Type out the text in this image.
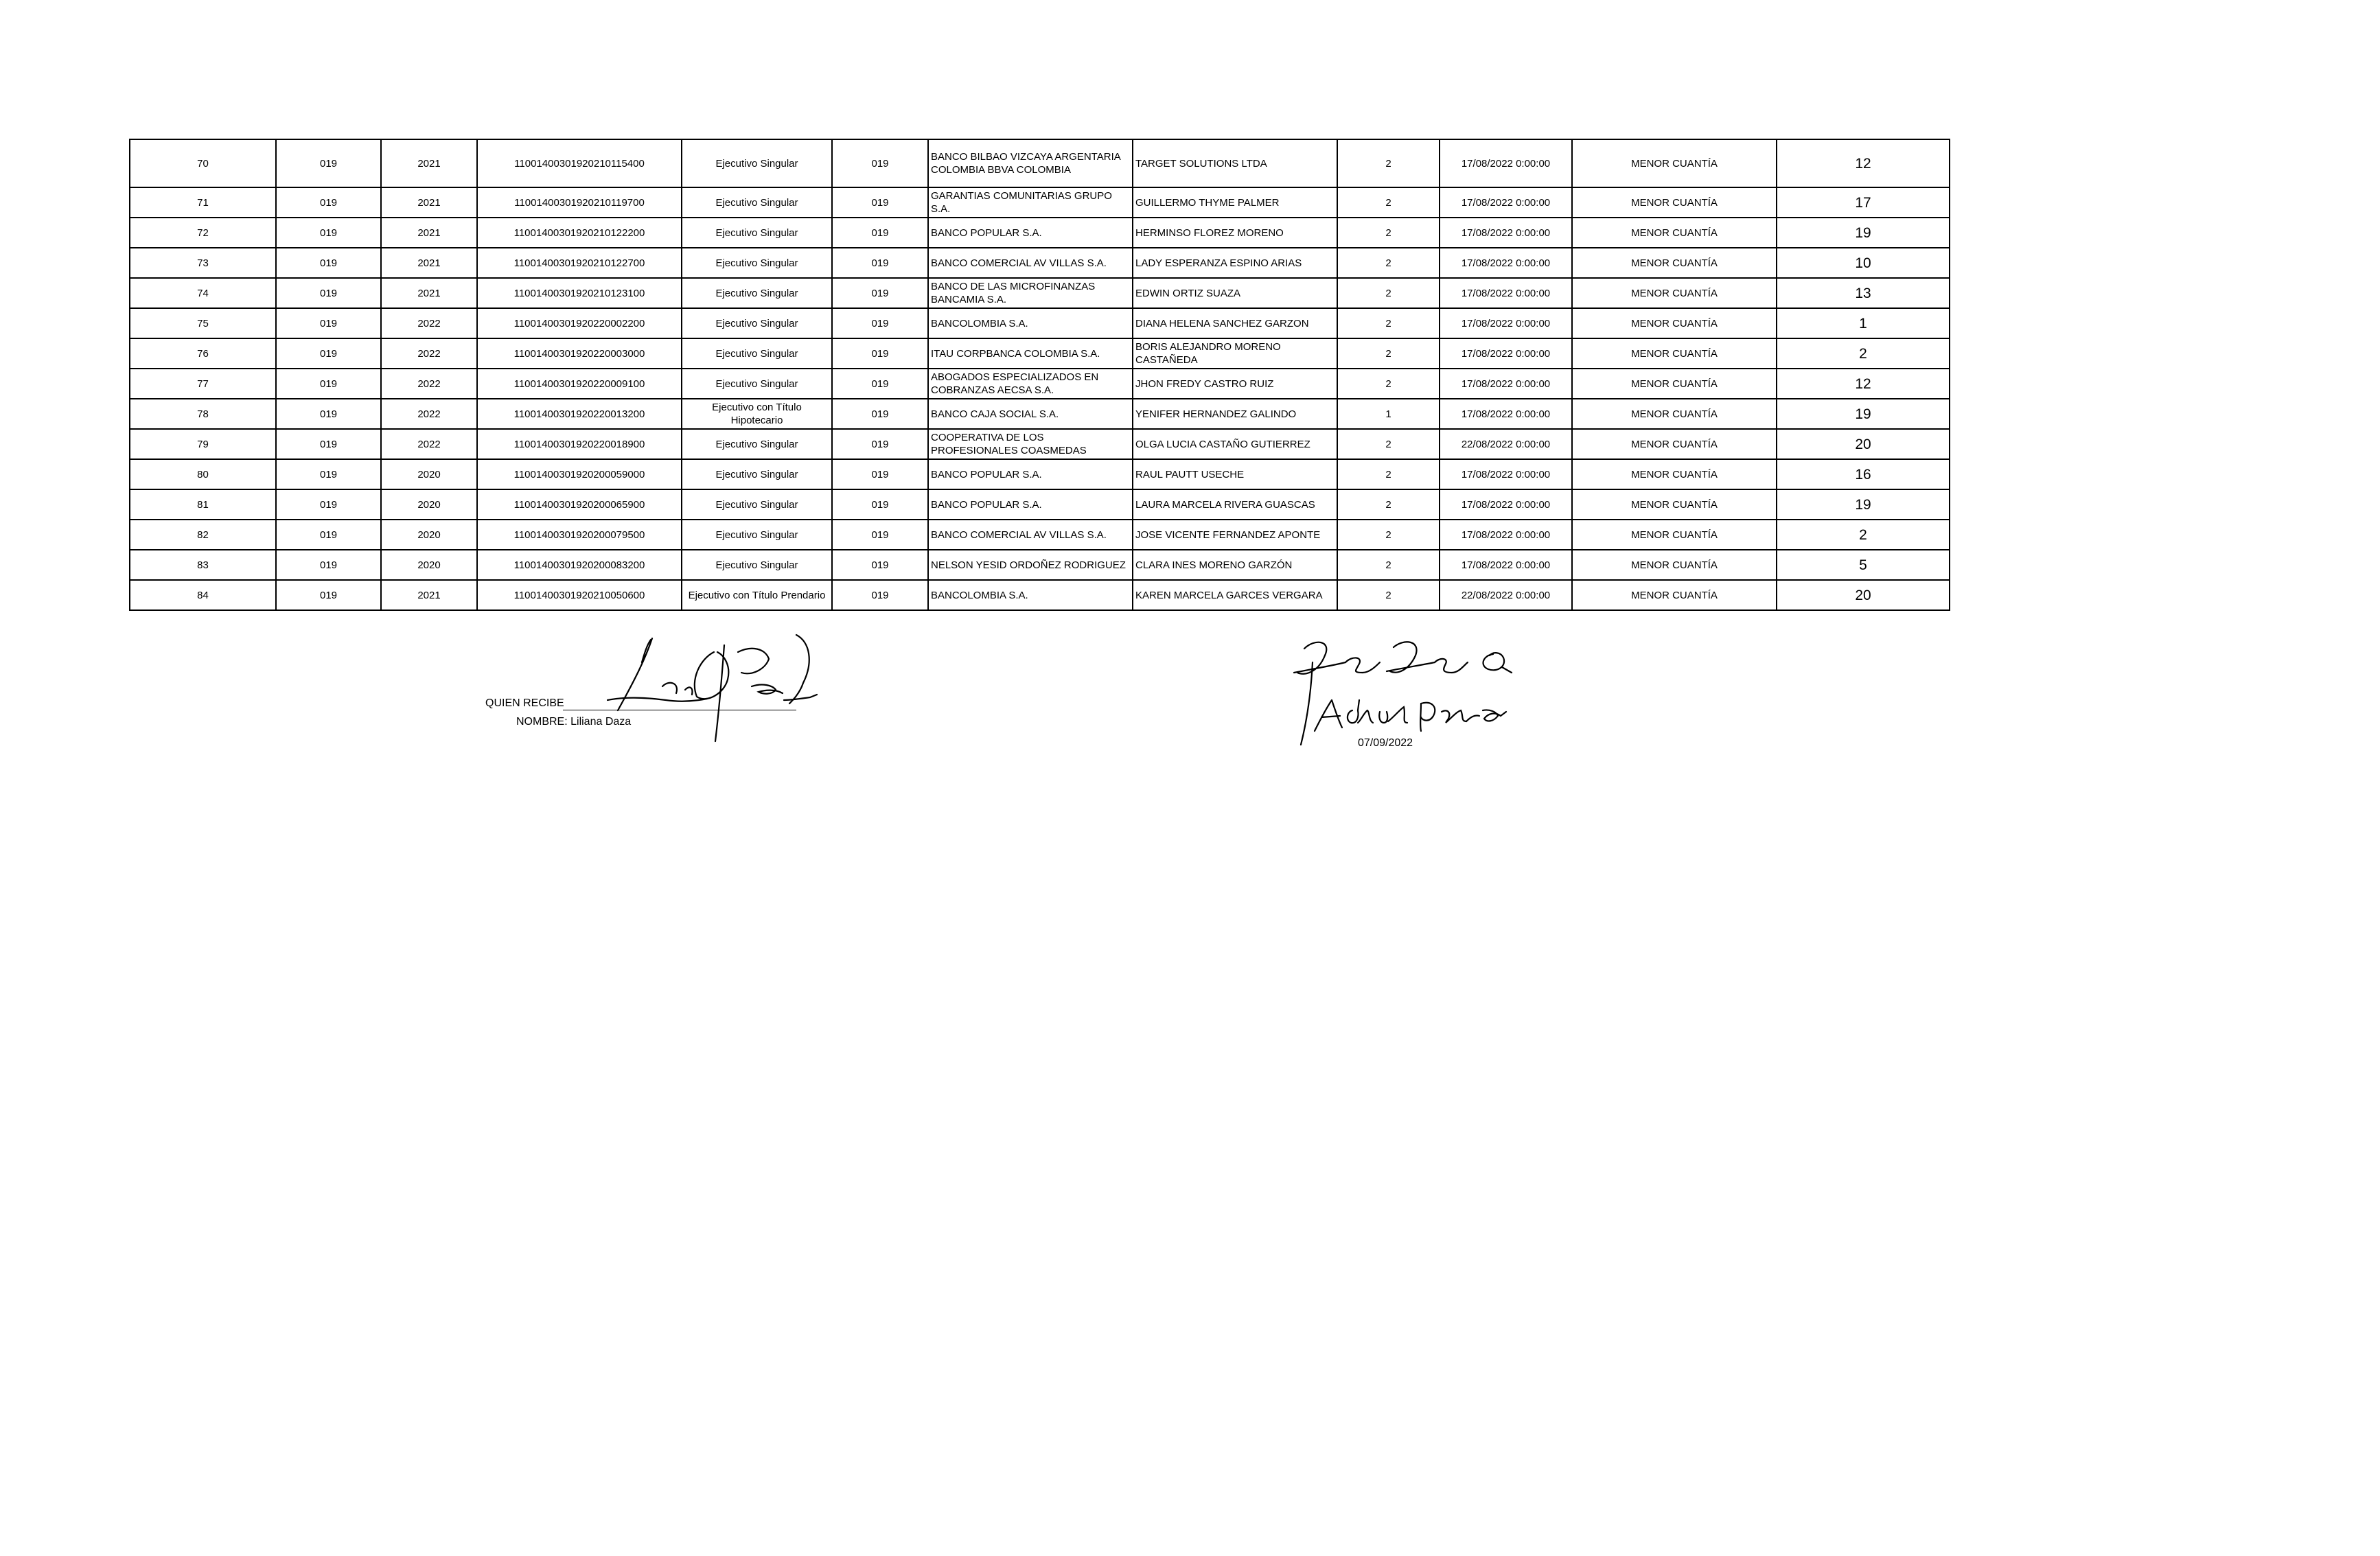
70	019	2021	11001400301920210115400	Ejecutivo Singular	019	BANCO BILBAO VIZCAYA ARGENTARIA COLOMBIA BBVA COLOMBIA	TARGET SOLUTIONS LTDA	2	17/08/2022 0:00:00	MENOR CUANTÍA	12
71	019	2021	11001400301920210119700	Ejecutivo Singular	019	GARANTIAS COMUNITARIAS GRUPO S.A.	GUILLERMO THYME PALMER	2	17/08/2022 0:00:00	MENOR CUANTÍA	17
72	019	2021	11001400301920210122200	Ejecutivo Singular	019	BANCO POPULAR S.A.	HERMINSO FLOREZ MORENO	2	17/08/2022 0:00:00	MENOR CUANTÍA	19
73	019	2021	11001400301920210122700	Ejecutivo Singular	019	BANCO COMERCIAL AV VILLAS S.A.	LADY ESPERANZA ESPINO ARIAS	2	17/08/2022 0:00:00	MENOR CUANTÍA	10
74	019	2021	11001400301920210123100	Ejecutivo Singular	019	BANCO DE LAS MICROFINANZAS BANCAMIA S.A.	EDWIN ORTIZ SUAZA	2	17/08/2022 0:00:00	MENOR CUANTÍA	13
75	019	2022	11001400301920220002200	Ejecutivo Singular	019	BANCOLOMBIA S.A.	DIANA HELENA SANCHEZ GARZON	2	17/08/2022 0:00:00	MENOR CUANTÍA	1
76	019	2022	11001400301920220003000	Ejecutivo Singular	019	ITAU CORPBANCA COLOMBIA S.A.	BORIS ALEJANDRO MORENO CASTAÑEDA	2	17/08/2022 0:00:00	MENOR CUANTÍA	2
77	019	2022	11001400301920220009100	Ejecutivo Singular	019	ABOGADOS ESPECIALIZADOS EN COBRANZAS AECSA S.A.	JHON FREDY CASTRO RUIZ	2	17/08/2022 0:00:00	MENOR CUANTÍA	12
78	019	2022	11001400301920220013200	Ejecutivo con Título Hipotecario	019	BANCO CAJA SOCIAL S.A.	YENIFER HERNANDEZ GALINDO	1	17/08/2022 0:00:00	MENOR CUANTÍA	19
79	019	2022	11001400301920220018900	Ejecutivo Singular	019	COOPERATIVA DE LOS PROFESIONALES COASMEDAS	OLGA LUCIA CASTAÑO GUTIERREZ	2	22/08/2022 0:00:00	MENOR CUANTÍA	20
80	019	2020	11001400301920200059000	Ejecutivo Singular	019	BANCO POPULAR S.A.	RAUL PAUTT USECHE	2	17/08/2022 0:00:00	MENOR CUANTÍA	16
81	019	2020	11001400301920200065900	Ejecutivo Singular	019	BANCO POPULAR S.A.	LAURA MARCELA RIVERA GUASCAS	2	17/08/2022 0:00:00	MENOR CUANTÍA	19
82	019	2020	11001400301920200079500	Ejecutivo Singular	019	BANCO COMERCIAL AV VILLAS S.A.	JOSE VICENTE FERNANDEZ APONTE	2	17/08/2022 0:00:00	MENOR CUANTÍA	2
83	019	2020	11001400301920200083200	Ejecutivo Singular	019	NELSON YESID ORDOÑEZ RODRIGUEZ	CLARA INES MORENO GARZÓN	2	17/08/2022 0:00:00	MENOR CUANTÍA	5
84	019	2021	11001400301920210050600	Ejecutivo con Título Prendario	019	BANCOLOMBIA S.A.	KAREN MARCELA GARCES VERGARA	2	22/08/2022 0:00:00	MENOR CUANTÍA	20
QUIEN RECIBE
NOMBRE: Liliana Daza
Liliana Daza
Adriana Anza
07/09/2022
